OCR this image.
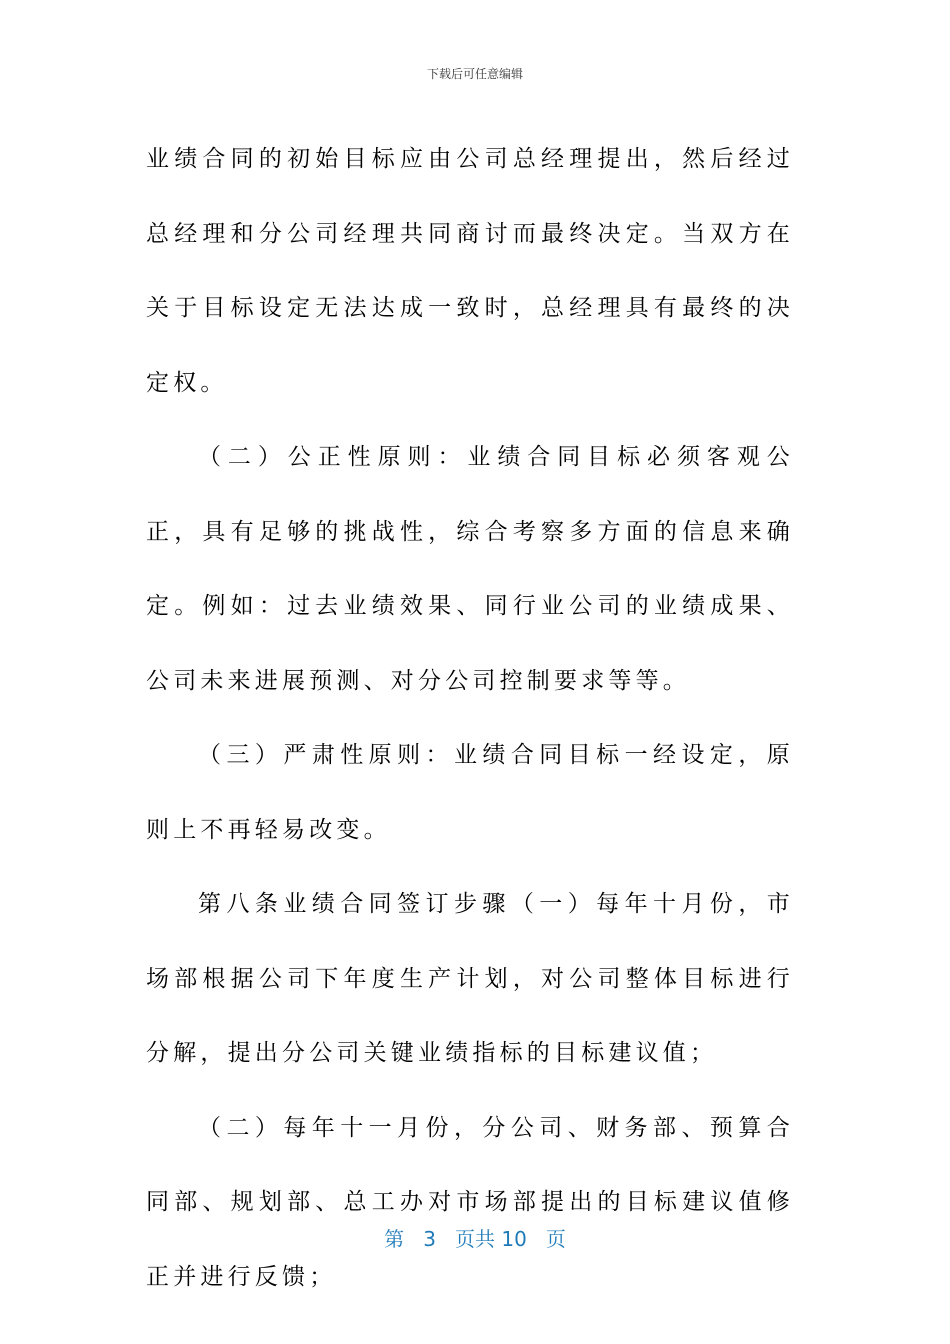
下载后可任意编辑

业绩合同的初始目标应由公司总经理提出，然后经过总经理和分公司经理共同商讨而最终决定。当双方在关于目标设定无法达成一致时，总经理具有最终的决定权。

（二）公正性原则：业绩合同目标必须客观公正，具有足够的挑战性，综合考察多方面的信息来确定。例如：过去业绩效果、同行业公司的业绩成果、公司未来进展预测、对分公司控制要求等等。

（三）严肃性原则：业绩合同目标一经设定，原则上不再轻易改变。

第八条业绩合同签订步骤（一）每年十月份，市场部根据公司下年度生产计划，对公司整体目标进行分解，提出分公司关键业绩指标的目标建议值；

（二）每年十一月份，分公司、财务部、预算合同部、规划部、总工办对市场部提出的目标建议值修正并进行反馈；

第 3 页共 10 页
